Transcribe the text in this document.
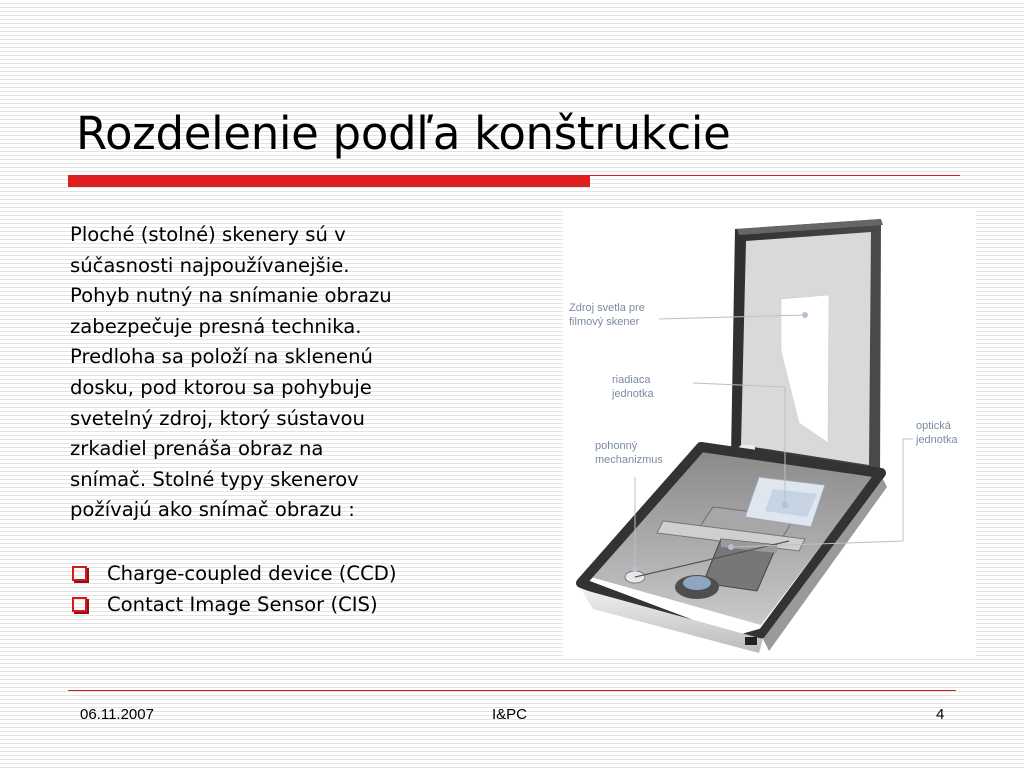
Rozdelenie podľa konštrukcie

Ploché (stolné) skenery sú v
súčasnosti najpoužívanejšie.
Pohyb nutný na snímanie obrazu
zabezpečuje presná technika.
Predloha sa položí na sklenenú
dosku, pod ktorou sa pohybuje
svetelný zdroj, ktorý sústavou
zrkadiel prenáša obraz na
snímač. Stolné typy skenerov
požívajú ako snímač obrazu :

Charge-coupled device (CCD)
Contact Image Sensor (CIS)
Zdroj svetla pre
filmový skener
riadiaca
jednotka
optická
jednotka
pohonný
mechanizmus
06.11.2007	I&PC	4
